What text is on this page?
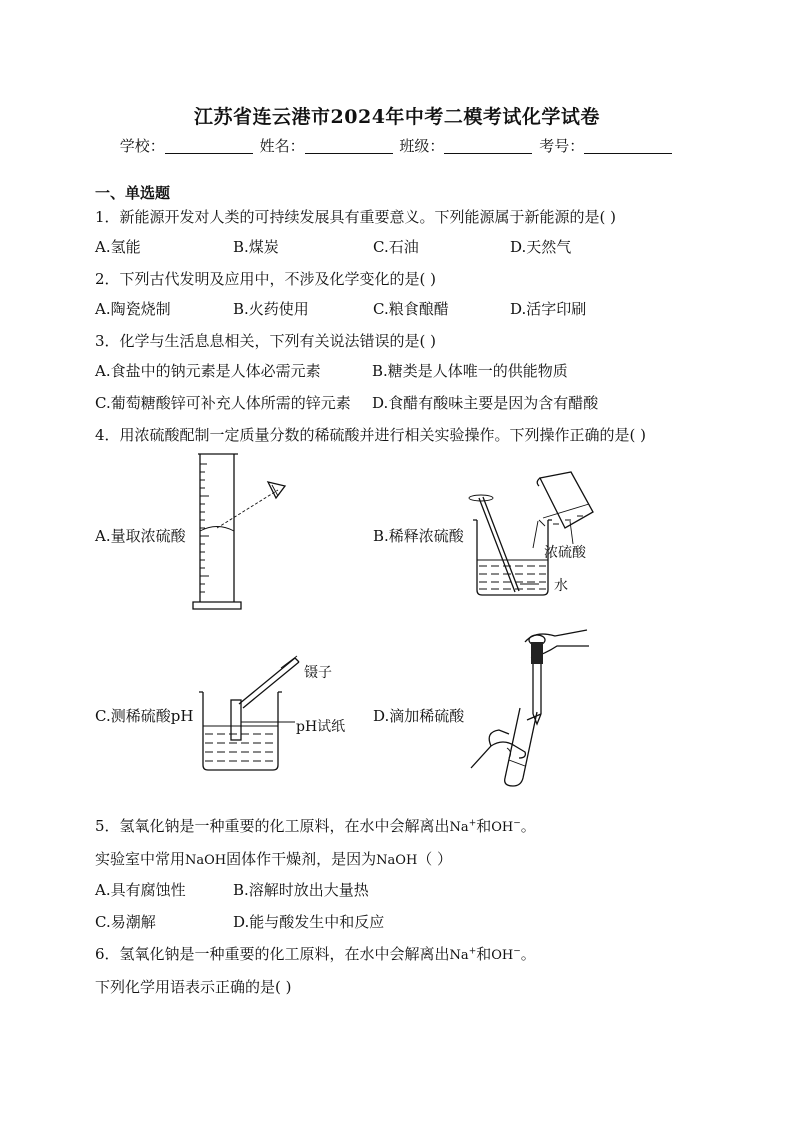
江苏省连云港市2024年中考二模考试化学试卷
学校：	姓名：	班级：	考号：
一、单选题
1．新能源开发对人类的可持续发展具有重要意义。下列能源属于新能源的是( )
A.氢能	B.煤炭	C.石油	D.天然气
2．下列古代发明及应用中，不涉及化学变化的是( )
A.陶瓷烧制	B.火药使用	C.粮食酿醋	D.活字印刷
3．化学与生活息息相关，下列有关说法错误的是( )
A.食盐中的钠元素是人体必需元素	B.糖类是人体唯一的供能物质
C.葡萄糖酸锌可补充人体所需的锌元素 D.食醋有酸味主要是因为含有醋酸
4．用浓硫酸配制一定质量分数的稀硫酸并进行相关实验操作。下列操作正确的是( )
A.量取浓硫酸	B.稀释浓硫酸
浓硫酸
水
C.测稀硫酸pH
镊子
pH试纸
D.滴加稀硫酸
5．氢氧化钠是一种重要的化工原料，在水中会解离出Na+和OH−。
实验室中常用NaOH固体作干燥剂，是因为NaOH（ ）
A.具有腐蚀性	B.溶解时放出大量热
C.易潮解	D.能与酸发生中和反应
6．氢氧化钠是一种重要的化工原料，在水中会解离出Na+和OH−。
下列化学用语表示正确的是( )
